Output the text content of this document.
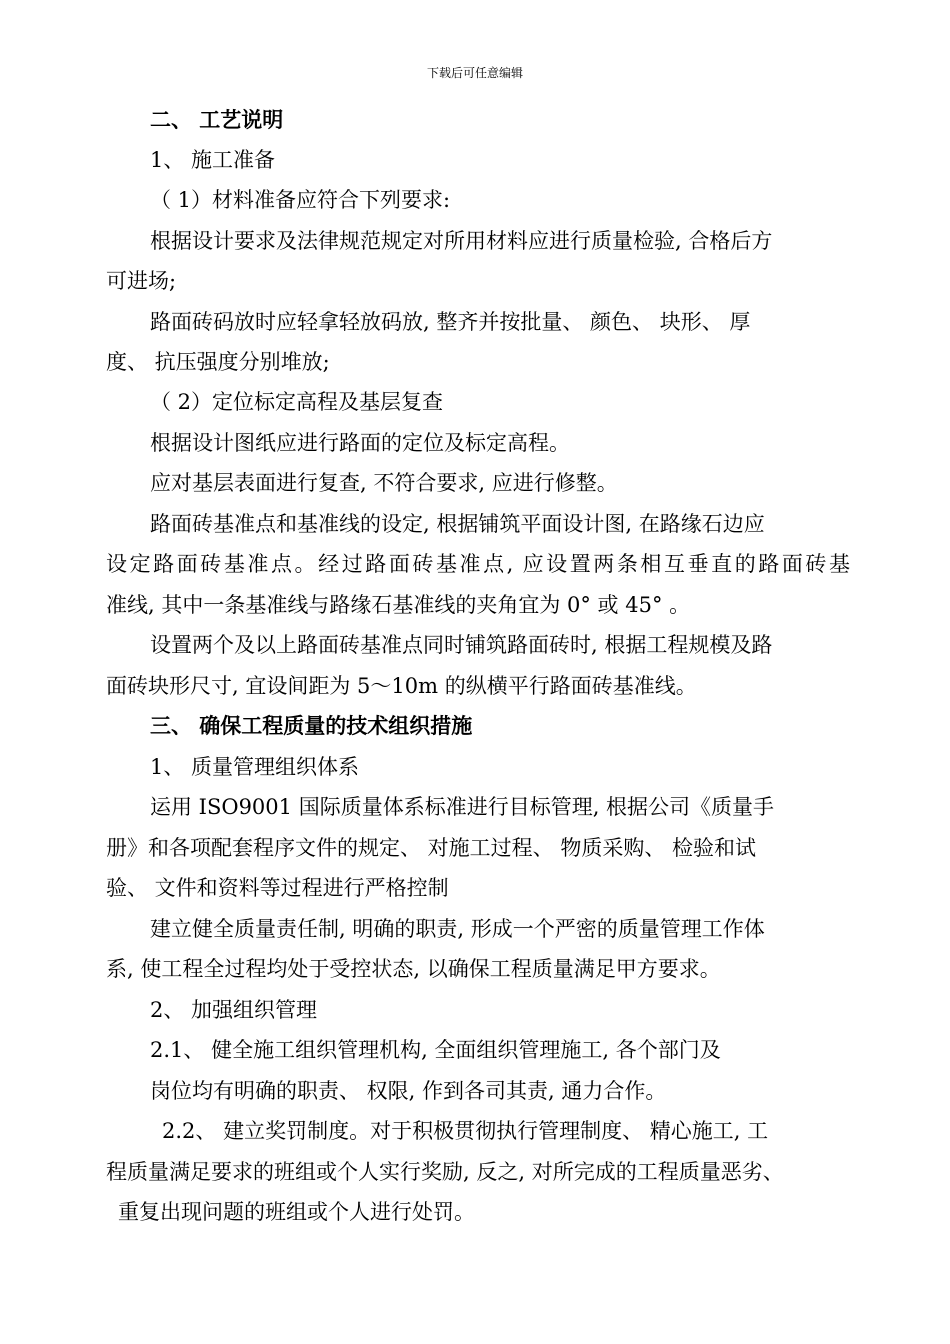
下载后可任意编辑
二、 工艺说明
1、 施工准备
（ 1）材料准备应符合下列要求:
根据设计要求及法律规范规定对所用材料应进行质量检验, 合格后方
可进场;
路面砖码放时应轻拿轻放码放, 整齐并按批量、 颜色、 块形、 厚
度、 抗压强度分别堆放;
（ 2）定位标定高程及基层复查
根据设计图纸应进行路面的定位及标定高程。
应对基层表面进行复查, 不符合要求, 应进行修整。
路面砖基准点和基准线的设定, 根据铺筑平面设计图, 在路缘石边应
设定路面砖基准点。经过路面砖基准点, 应设置两条相互垂直的路面砖基
准线, 其中一条基准线与路缘石基准线的夹角宜为 0° 或 45° 。
设置两个及以上路面砖基准点同时铺筑路面砖时, 根据工程规模及路
面砖块形尺寸, 宜设间距为 5～10m 的纵横平行路面砖基准线。
三、 确保工程质量的技术组织措施
1、 质量管理组织体系
运用 ISO9001 国际质量体系标准进行目标管理, 根据公司《质量手
册》和各项配套程序文件的规定、 对施工过程、 物质采购、 检验和试
验、 文件和资料等过程进行严格控制
建立健全质量责任制, 明确的职责, 形成一个严密的质量管理工作体
系, 使工程全过程均处于受控状态, 以确保工程质量满足甲方要求。
2、 加强组织管理
2.1、 健全施工组织管理机构, 全面组织管理施工, 各个部门及
岗位均有明确的职责、 权限, 作到各司其责, 通力合作。
2.2、 建立奖罚制度。对于积极贯彻执行管理制度、 精心施工, 工
程质量满足要求的班组或个人实行奖励, 反之, 对所完成的工程质量恶劣、
重复出现问题的班组或个人进行处罚。
